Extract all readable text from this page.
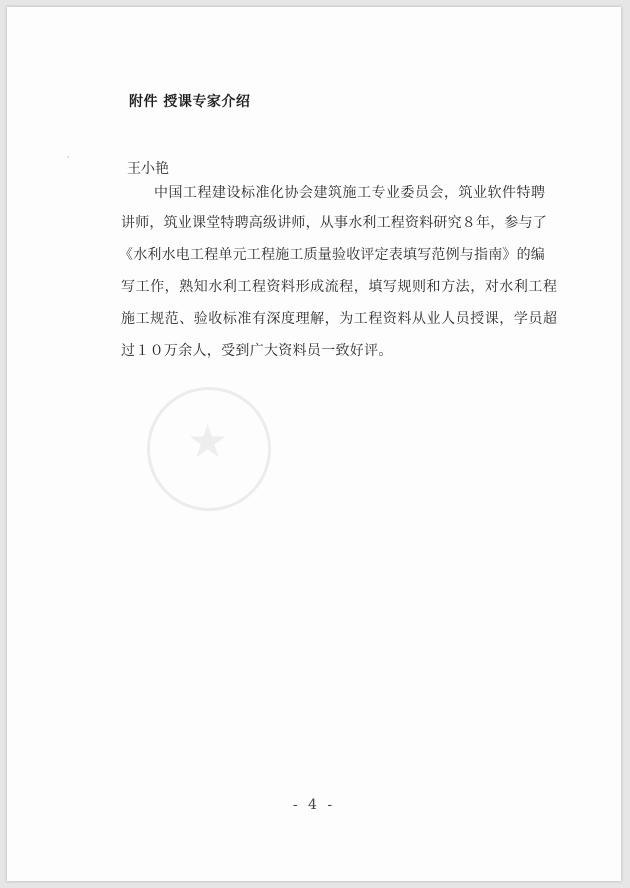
★
附件 授课专家介绍
·
王小艳
中国工程建设标准化协会建筑施工专业委员会，筑业软件特聘
讲师，筑业课堂特聘高级讲师，从事水利工程资料研究８年，参与了
《水利水电工程单元工程施工质量验收评定表填写范例与指南》的编
写工作，熟知水利工程资料形成流程，填写规则和方法，对水利工程
施工规范、验收标准有深度理解，为工程资料从业人员授课，学员超
过１０万余人，受到广大资料员一致好评。
- 4 -
